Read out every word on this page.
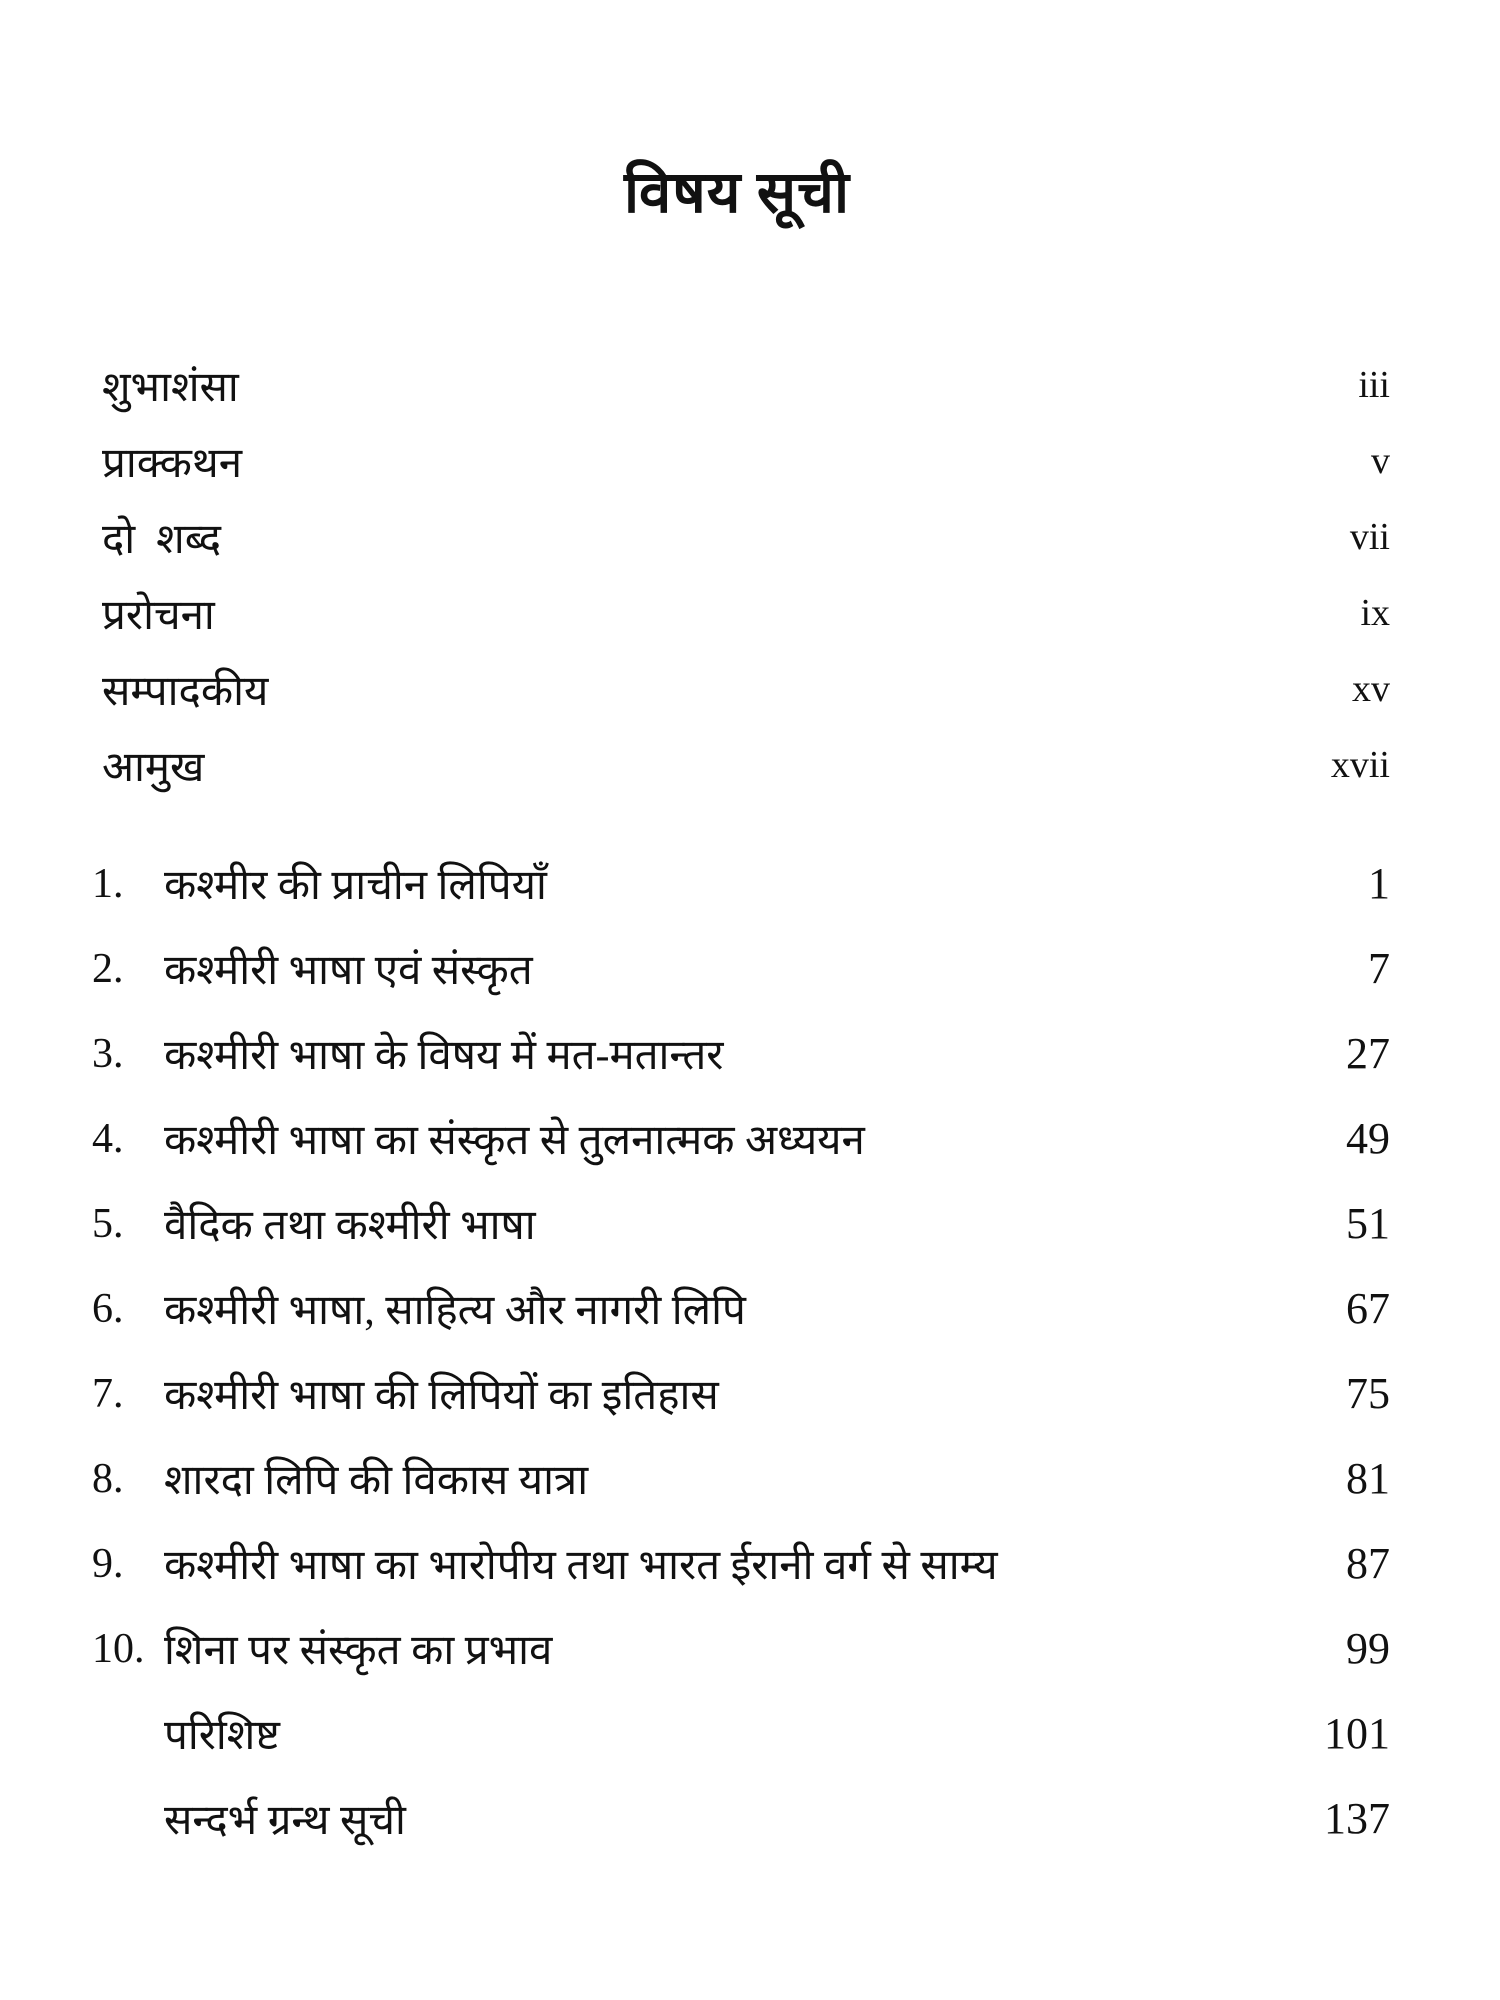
विषय सूची
शुभाशंसा	iii
प्राक्कथन	v
दो  शब्द	vii
प्ररोचना	ix
सम्पादकीय	xv
आमुख	xvii
1. कश्मीर की प्राचीन लिपियाँ	1
2. कश्मीरी भाषा एवं संस्कृत	7
3. कश्मीरी भाषा के विषय में मत-मतान्तर	27
4. कश्मीरी भाषा का संस्कृत से तुलनात्मक अध्ययन	49
5. वैदिक तथा कश्मीरी भाषा	51
6. कश्मीरी भाषा, साहित्य और नागरी लिपि	67
7. कश्मीरी भाषा की लिपियों का इतिहास	75
8. शारदा लिपि की विकास यात्रा	81
9. कश्मीरी भाषा का भारोपीय तथा भारत ईरानी वर्ग से साम्य	87
10. शिना पर संस्कृत का प्रभाव	99
परिशिष्ट	101
सन्दर्भ ग्रन्थ सूची	137
